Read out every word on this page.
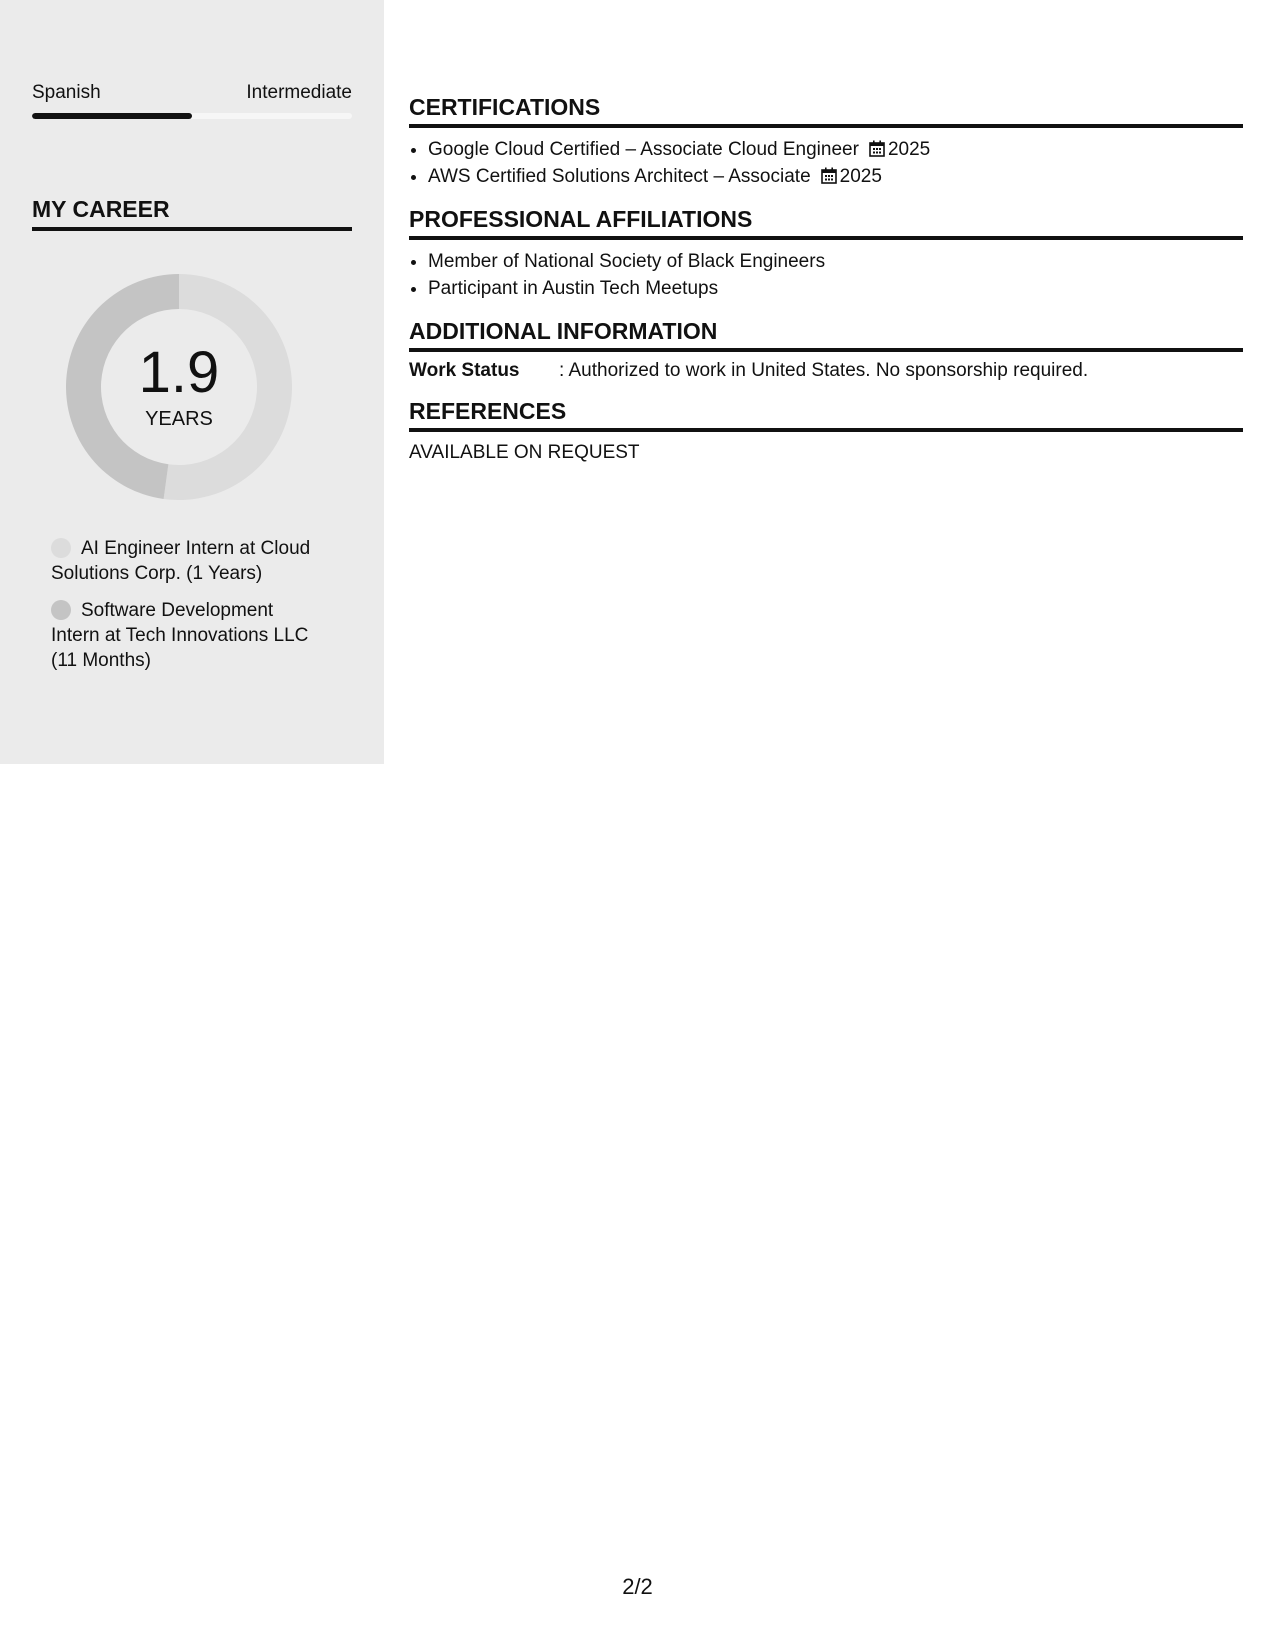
Spanish	Intermediate
MY CAREER
1.9
YEARS
AI Engineer Intern at Cloud Solutions Corp. (1 Years)
Software Development Intern at Tech Innovations LLC (11 Months)
CERTIFICATIONS
• Google Cloud Certified – Associate Cloud Engineer 2025
• AWS Certified Solutions Architect – Associate 2025
PROFESSIONAL AFFILIATIONS
• Member of National Society of Black Engineers
• Participant in Austin Tech Meetups
ADDITIONAL INFORMATION
Work Status	: Authorized to work in United States. No sponsorship required.
REFERENCES
AVAILABLE ON REQUEST
2/2
